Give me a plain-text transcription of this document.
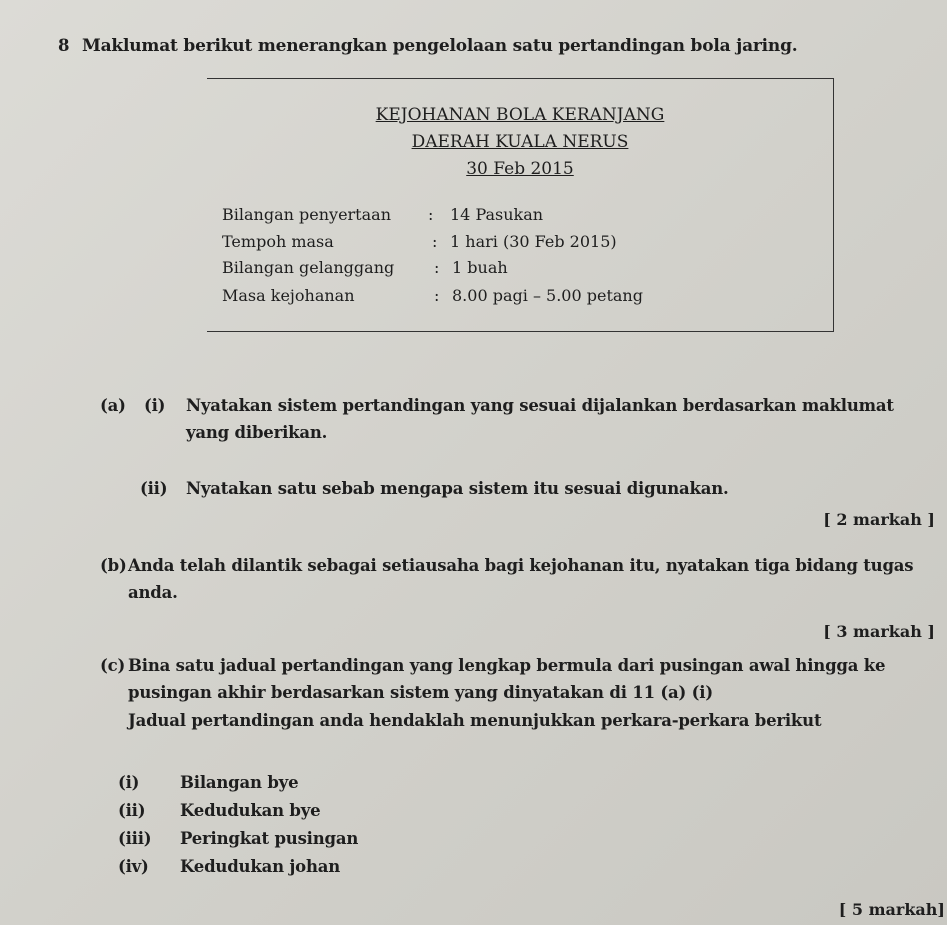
8 Maklumat berikut menerangkan pengelolaan satu pertandingan bola jaring.
KEJOHANAN BOLA KERANJANG
DAERAH KUALA NERUS
30 Feb 2015
Bilangan penyertaan : 14 Pasukan
Tempoh masa	: 1 hari (30 Feb 2015)
Bilangan gelanggang : 1 buah
Masa kejohanan	: 8.00 pagi – 5.00 petang
(a) (i) Nyatakan sistem pertandingan yang sesuai dijalankan berdasarkan maklumat
yang diberikan.
(ii) Nyatakan satu sebab mengapa sistem itu sesuai digunakan.
[ 2 markah ]
(b) Anda telah dilantik sebagai setiausaha bagi kejohanan itu, nyatakan tiga bidang tugas
anda.
[ 3 markah ]
(c) Bina satu jadual pertandingan yang lengkap bermula dari pusingan awal hingga ke
pusingan akhir berdasarkan sistem yang dinyatakan di 11 (a) (i)
Jadual pertandingan anda hendaklah menunjukkan perkara-perkara berikut
(i) Bilangan bye
(ii) Kedudukan bye
(iii) Peringkat pusingan
(iv) Kedudukan johan
[ 5 markah]
